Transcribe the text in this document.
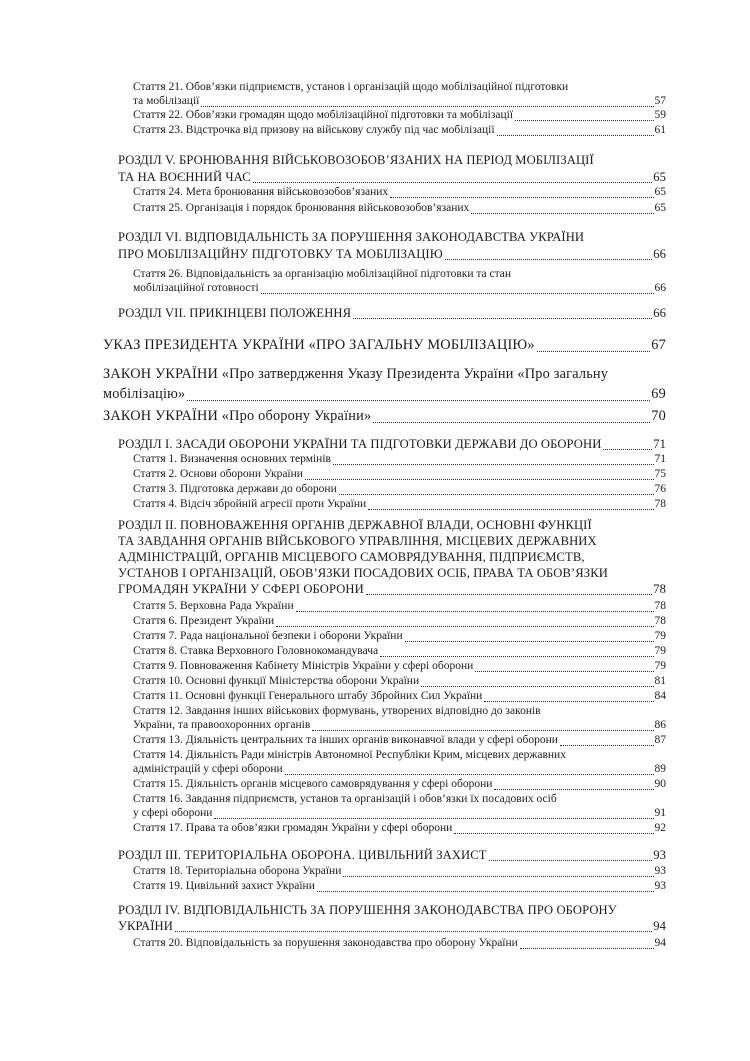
Стаття 21. Обов’язки підприємств, установ і організацій щодо мобілізаційної підготовки
та мобілізації	57
Стаття 22. Обов’язки громадян щодо мобілізаційної підготовки та мобілізації	59
Стаття 23. Відстрочка від призову на військову службу під час мобілізації	61
РОЗДІЛ V. БРОНЮВАННЯ ВІЙСЬКОВОЗОБОВ’ЯЗАНИХ НА ПЕРІОД МОБІЛІЗАЦІЇ
ТА НА ВОЄННИЙ ЧАС	65
Стаття 24. Мета бронювання військовозобов’язаних	65
Стаття 25. Організація і порядок бронювання військовозобов’язаних	65
РОЗДІЛ VI. ВІДПОВІДАЛЬНІСТЬ ЗА ПОРУШЕННЯ ЗАКОНОДАВСТВА УКРАЇНИ
ПРО МОБІЛІЗАЦІЙНУ ПІДГОТОВКУ ТА МОБІЛІЗАЦІЮ	66
Стаття 26. Відповідальність за організацію мобілізаційної підготовки та стан
мобілізаційної готовності	66
РОЗДІЛ VII. ПРИКІНЦЕВІ ПОЛОЖЕННЯ	66
УКАЗ ПРЕЗИДЕНТА УКРАЇНИ «ПРО ЗАГАЛЬНУ МОБІЛІЗАЦІЮ»	67
ЗАКОН УКРАЇНИ «Про затвердження Указу Президента України «Про загальну
мобілізацію»	69
ЗАКОН УКРАЇНИ «Про оборону України»	70
РОЗДІЛ I. ЗАСАДИ ОБОРОНИ УКРАЇНИ ТА ПІДГОТОВКИ ДЕРЖАВИ ДО ОБОРОНИ	71
Стаття 1. Визначення основних термінів	71
Стаття 2. Основи оборони України	75
Стаття 3. Підготовка держави до оборони	76
Стаття 4. Відсіч збройній агресії проти України	78
РОЗДІЛ II. ПОВНОВАЖЕННЯ ОРГАНІВ ДЕРЖАВНОЇ ВЛАДИ, ОСНОВНІ ФУНКЦІЇ
ТА ЗАВДАННЯ ОРГАНІВ ВІЙСЬКОВОГО УПРАВЛІННЯ, МІСЦЕВИХ ДЕРЖАВНИХ
АДМІНІСТРАЦІЙ, ОРГАНІВ МІСЦЕВОГО САМОВРЯДУВАННЯ, ПІДПРИЄМСТВ,
УСТАНОВ І ОРГАНІЗАЦІЙ, ОБОВ’ЯЗКИ ПОСАДОВИХ ОСІБ, ПРАВА ТА ОБОВ’ЯЗКИ
ГРОМАДЯН УКРАЇНИ У СФЕРІ ОБОРОНИ	78
Стаття 5. Верховна Рада України	78
Стаття 6. Президент України	78
Стаття 7. Рада національної безпеки і оборони України	79
Стаття 8. Ставка Верховного Головнокомандувача	79
Стаття 9. Повноваження Кабінету Міністрів України у сфері оборони	79
Стаття 10. Основні функції Міністерства оборони України	81
Стаття 11. Основні функції Генерального штабу Збройних Сил України	84
Стаття 12. Завдання інших військових формувань, утворених відповідно до законів
України, та правоохоронних органів	86
Стаття 13. Діяльність центральних та інших органів виконавчої влади у сфері оборони	87
Стаття 14. Діяльність Ради міністрів Автономної Республіки Крим, місцевих державних
адміністрацій у сфері оборони	89
Стаття 15. Діяльність органів місцевого самоврядування у сфері оборони	90
Стаття 16. Завдання підприємств, установ та організацій і обов’язки їх посадових осіб
у сфері оборони	91
Стаття 17. Права та обов’язки громадян України у сфері оборони	92
РОЗДІЛ III. ТЕРИТОРІАЛЬНА ОБОРОНА. ЦИВІЛЬНИЙ ЗАХИСТ	93
Стаття 18. Територіальна оборона України	93
Стаття 19. Цивільний захист України	93
РОЗДІЛ IV. ВІДПОВІДАЛЬНІСТЬ ЗА ПОРУШЕННЯ ЗАКОНОДАВСТВА ПРО ОБОРОНУ
УКРАЇНИ	94
Стаття 20. Відповідальність за порушення законодавства про оборону України	94
